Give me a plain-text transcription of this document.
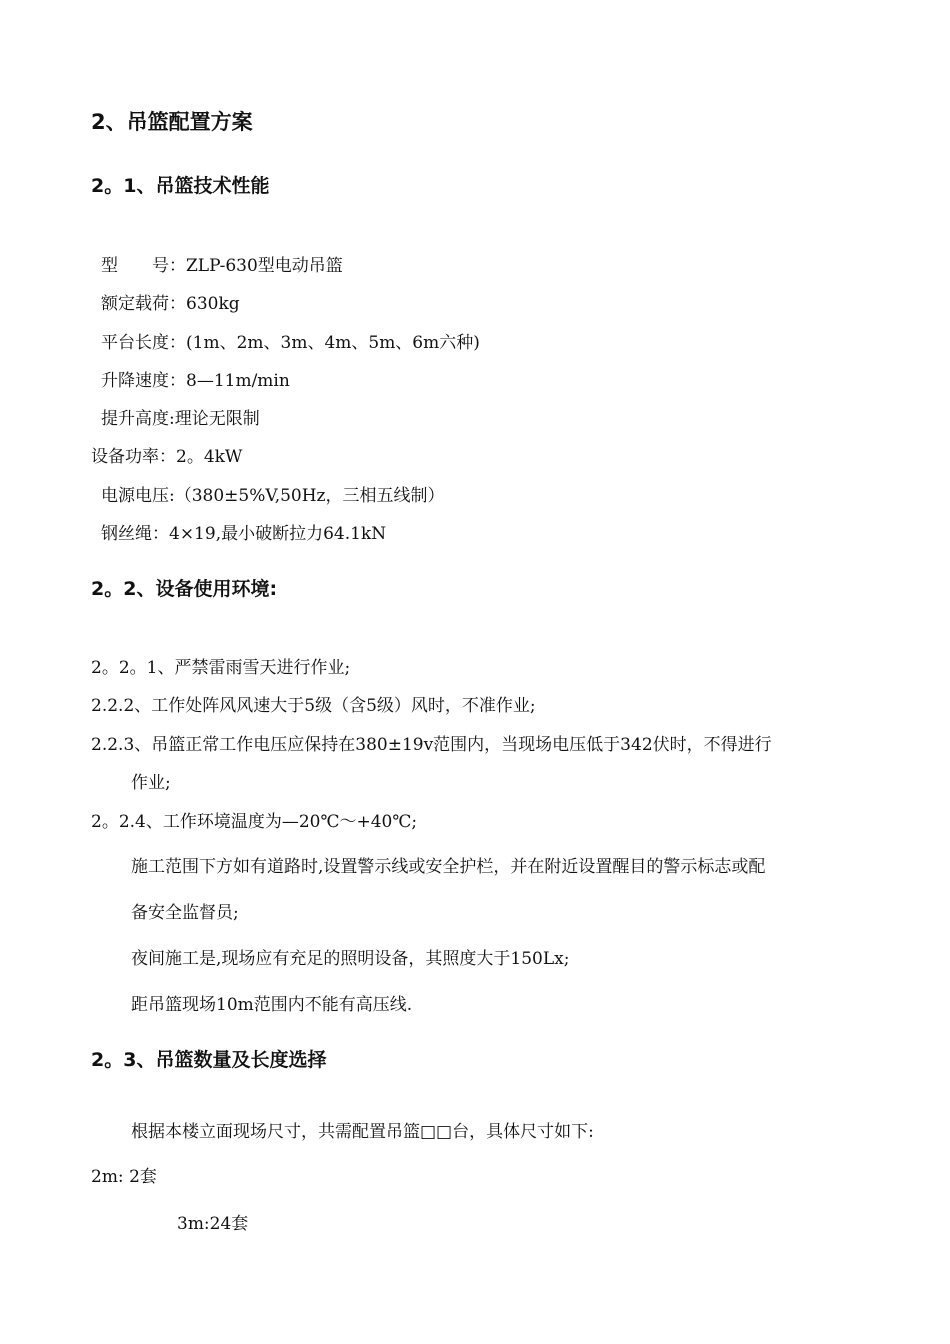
2、吊篮配置方案
2。1、吊篮技术性能
型　　号：ZLP-630型电动吊篮
额定载荷：630kg
平台长度：(1m、2m、3m、4m、5m、6m六种)
升降速度：8—11m/min
提升高度:理论无限制
设备功率：2。4kW
电源电压:（380±5%V,50Hz，三相五线制）
钢丝绳：4×19,最小破断拉力64.1kN
2。2、设备使用环境:
2。2。1、严禁雷雨雪天进行作业;
2.2.2、工作处阵风风速大于5级（含5级）风时，不准作业;
2.2.3、吊篮正常工作电压应保持在380±19v范围内，当现场电压低于342伏时，不得进行
作业;
2。2.4、工作环境温度为—20℃～+40℃;
施工范围下方如有道路时,设置警示线或安全护栏，并在附近设置醒目的警示标志或配
备安全监督员;
夜间施工是,现场应有充足的照明设备，其照度大于150Lx;
距吊篮现场10m范围内不能有高压线.
2。3、吊篮数量及长度选择
根据本楼立面现场尺寸，共需配置吊篮□□台，具体尺寸如下:
2m: 2套
3m:24套
